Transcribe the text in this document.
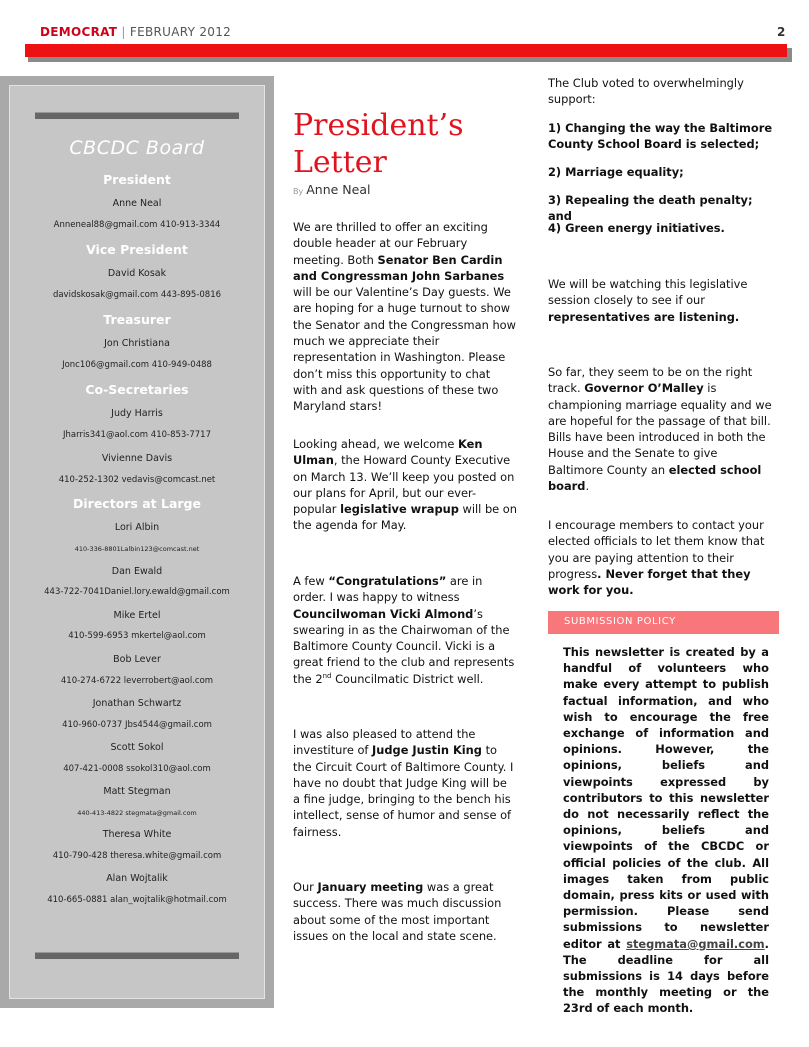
DEMOCRAT | FEBRUARY 2012	2
CBCDC Board
President
Anne Neal
Anneneal88@gmail.com 410-913-3344
Vice President
David Kosak
davidskosak@gmail.com 443-895-0816
Treasurer
Jon Christiana
Jonc106@gmail.com 410-949-0488
Co-Secretaries
Judy Harris
Jharris341@aol.com 410-853-7717
Vivienne Davis
410-252-1302 vedavis@comcast.net
Directors at Large
Lori Albin
410-336-8801Lalbin123@comcast.net
Dan Ewald
443-722-7041Daniel.lory.ewald@gmail.com
Mike Ertel
410-599-6953 mkertel@aol.com
Bob Lever
410-274-6722 leverrobert@aol.com
Jonathan Schwartz
410-960-0737 Jbs4544@gmail.com
Scott Sokol
407-421-0008 ssokol310@aol.com
Matt Stegman
440-413-4822 stegmata@gmail.com
Theresa White
410-790-428 theresa.white@gmail.com
Alan Wojtalik
410-665-0881 alan_wojtalik@hotmail.com
President’s Letter
By Anne Neal
We are thrilled to offer an exciting double header at our February meeting. Both Senator Ben Cardin and Congressman John Sarbanes will be our Valentine’s Day guests. We are hoping for a huge turnout to show the Senator and the Congressman how much we appreciate their representation in Washington. Please don’t miss this opportunity to chat with and ask questions of these two Maryland stars!
Looking ahead, we welcome Ken Ulman, the Howard County Executive on March 13. We’ll keep you posted on our plans for April, but our ever-popular legislative wrapup will be on the agenda for May.
A few “Congratulations” are in order. I was happy to witness Councilwoman Vicki Almond’s swearing in as the Chairwoman of the Baltimore County Council. Vicki is a great friend to the club and represents the 2nd Councilmatic District well.
I was also pleased to attend the investiture of Judge Justin King to the Circuit Court of Baltimore County. I have no doubt that Judge King will be a fine judge, bringing to the bench his intellect, sense of humor and sense of fairness.
Our January meeting was a great success. There was much discussion about some of the most important issues on the local and state scene.
The Club voted to overwhelmingly support:
1) Changing the way the Baltimore County School Board is selected;
2) Marriage equality;
3) Repealing the death penalty; and
4) Green energy initiatives.
We will be watching this legislative session closely to see if our representatives are listening.
So far, they seem to be on the right track. Governor O’Malley is championing marriage equality and we are hopeful for the passage of that bill. Bills have been introduced in both the House and the Senate to give Baltimore County an elected school board.
I encourage members to contact your elected officials to let them know that you are paying attention to their progress. Never forget that they work for you.
SUBMISSION POLICY
This newsletter is created by a handful of volunteers who make every attempt to publish factual information, and who wish to encourage the free exchange of information and opinions. However, the opinions, beliefs and viewpoints expressed by contributors to this newsletter do not necessarily reflect the opinions, beliefs and viewpoints of the CBCDC or official policies of the club. All images taken from public domain, press kits or used with permission. Please send submissions to newsletter editor at stegmata@gmail.com. The deadline for all submissions is 14 days before the monthly meeting or the 23rd of each month.
